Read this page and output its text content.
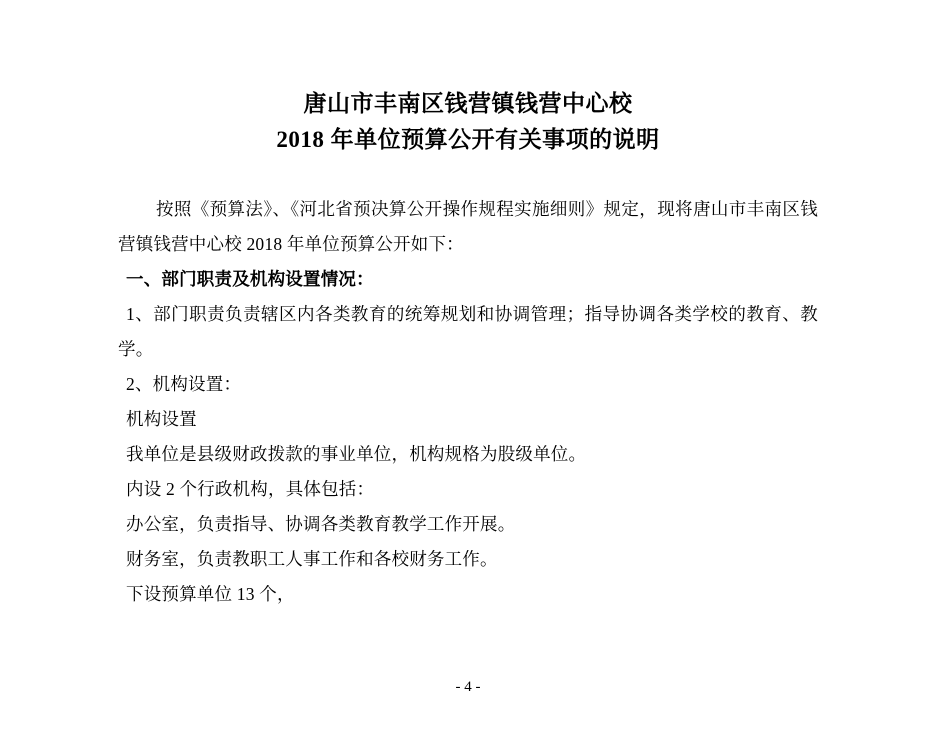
唐山市丰南区钱营镇钱营中心校
2018 年单位预算公开有关事项的说明

按照《预算法》、《河北省预决算公开操作规程实施细则》规定，现将唐山市丰南区钱营镇钱营中心校 2018 年单位预算公开如下：

一、部门职责及机构设置情况：

1、部门职责负责辖区内各类教育的统筹规划和协调管理；指导协调各类学校的教育、教学。

2、机构设置：

机构设置

我单位是县级财政拨款的事业单位，机构规格为股级单位。

内设 2 个行政机构，具体包括：

办公室，负责指导、协调各类教育教学工作开展。

财务室，负责教职工人事工作和各校财务工作。

下设预算单位 13 个，

- 4 -
